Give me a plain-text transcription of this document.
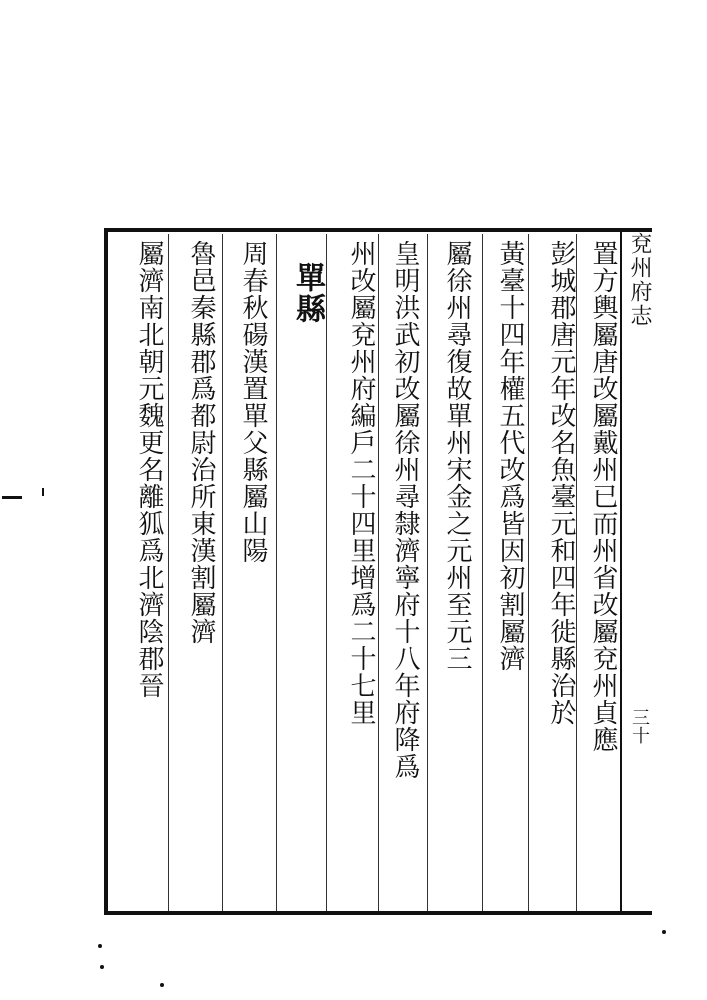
兗州府志
三十
置方輿屬唐改屬戴州已而州省改屬兗州貞應
彭城郡唐元年改名魚臺元和四年徙縣治於
黃臺十四年權五代改爲皆因初割屬濟
屬徐州尋復故單州宋金之元州至元三
皇明洪武初改屬徐州尋隸濟寧府十八年府降爲
州改屬兗州府編戶二十四里增爲二十七里
單縣
周春秋碭漢置單父縣屬山陽
魯邑秦縣郡爲都尉治所東漢割屬濟
屬濟南北朝元魏更名離狐爲北濟陰郡晉
